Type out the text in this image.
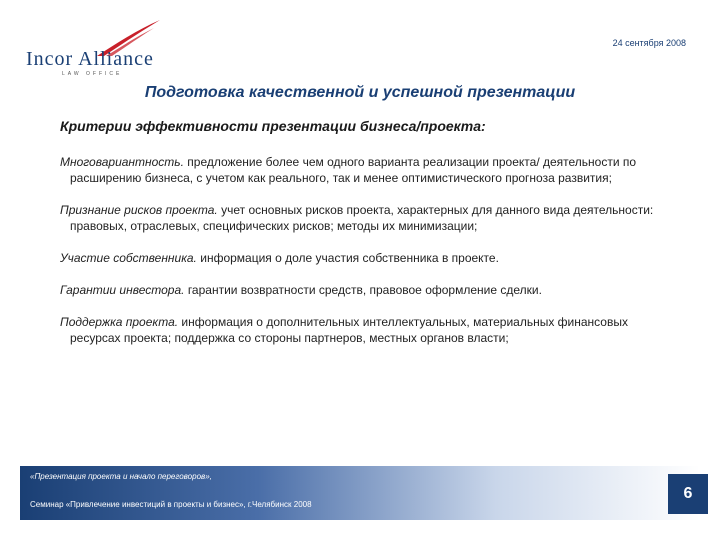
Incor Alliance
LAW OFFICE
24 сентября 2008
Подготовка качественной и успешной презентации
Критерии эффективности презентации бизнеса/проекта:

Многовариантность. предложение более чем одного варианта реализации проекта/ деятельности по расширению бизнеса, с учетом как реального, так и менее оптимистического прогноза развития;

Признание рисков проекта. учет основных рисков проекта, характерных для данного вида деятельности: правовых, отраслевых, специфических рисков; методы их минимизации;

Участие собственника. информация о доле участия собственника в проекте.

Гарантии инвестора. гарантии возвратности средств, правовое оформление сделки.

Поддержка проекта. информация о дополнительных интеллектуальных, материальных финансовых ресурсах проекта; поддержка со стороны партнеров, местных органов власти;

«Презентация проекта и начало переговоров»,
Семинар «Привлечение инвестиций в проекты и бизнес», г.Челябинск 2008
6
